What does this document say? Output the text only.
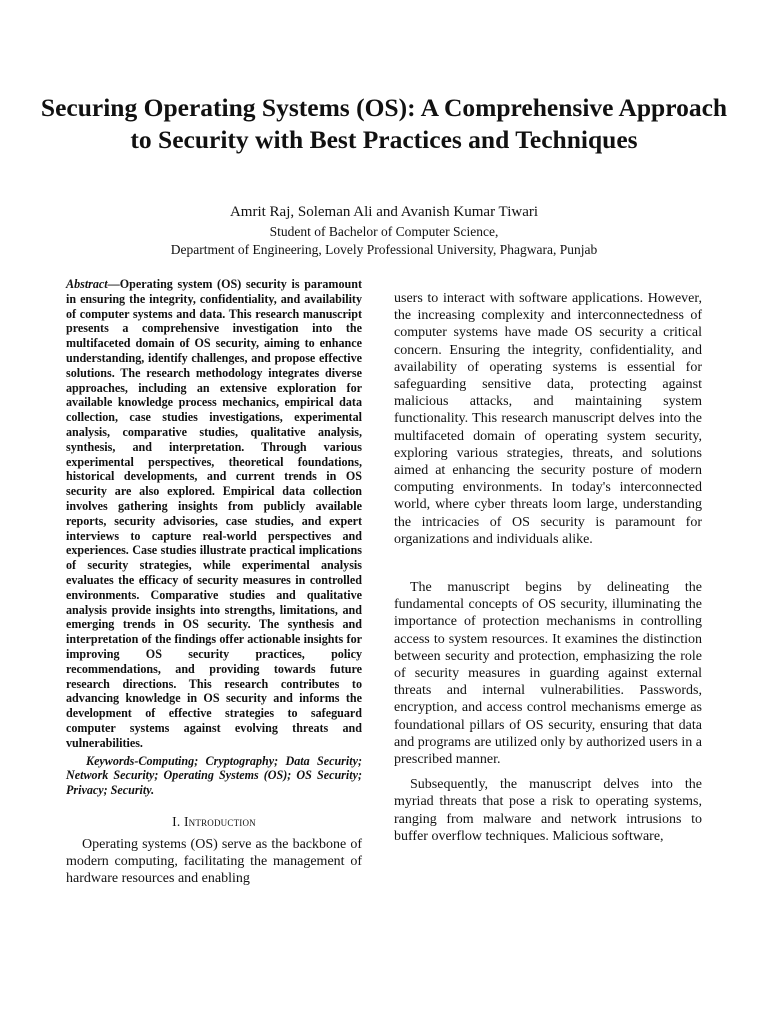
Securing Operating Systems (OS): A Comprehensive Approach to Security with Best Practices and Techniques
Amrit Raj, Soleman Ali and Avanish Kumar Tiwari
Student of Bachelor of Computer Science,
Department of Engineering, Lovely Professional University, Phagwara, Punjab

Abstract—Operating system (OS) security is paramount in ensuring the integrity, confidentiality, and availability of computer systems and data. This research manuscript presents a comprehensive investigation into the multifaceted domain of OS security, aiming to enhance understanding, identify challenges, and propose effective solutions. The research methodology integrates diverse approaches, including an extensive exploration for available knowledge process mechanics, empirical data collection, case studies investigations, experimental analysis, comparative studies, qualitative analysis, synthesis, and interpretation. Through various experimental perspectives, theoretical foundations, historical developments, and current trends in OS security are also explored. Empirical data collection involves gathering insights from publicly available reports, security advisories, case studies, and expert interviews to capture real-world perspectives and experiences. Case studies illustrate practical implications of security strategies, while experimental analysis evaluates the efficacy of security measures in controlled environments. Comparative studies and qualitative analysis provide insights into strengths, limitations, and emerging trends in OS security. The synthesis and interpretation of the findings offer actionable insights for improving OS security practices, policy recommendations, and providing towards future research directions. This research contributes to advancing knowledge in OS security and informs the development of effective strategies to safeguard computer systems against evolving threats and vulnerabilities.

Keywords-Computing; Cryptography; Data Security; Network Security; Operating Systems (OS); OS Security; Privacy; Security.

I. Introduction

Operating systems (OS) serve as the backbone of modern computing, facilitating the management of hardware resources and enabling

users to interact with software applications. However, the increasing complexity and interconnectedness of computer systems have made OS security a critical concern. Ensuring the integrity, confidentiality, and availability of operating systems is essential for safeguarding sensitive data, protecting against malicious attacks, and maintaining system functionality. This research manuscript delves into the multifaceted domain of operating system security, exploring various strategies, threats, and solutions aimed at enhancing the security posture of modern computing environments. In today's interconnected world, where cyber threats loom large, understanding the intricacies of OS security is paramount for organizations and individuals alike.

The manuscript begins by delineating the fundamental concepts of OS security, illuminating the importance of protection mechanisms in controlling access to system resources. It examines the distinction between security and protection, emphasizing the role of security measures in guarding against external threats and internal vulnerabilities. Passwords, encryption, and access control mechanisms emerge as foundational pillars of OS security, ensuring that data and programs are utilized only by authorized users in a prescribed manner.

Subsequently, the manuscript delves into the myriad threats that pose a risk to operating systems, ranging from malware and network intrusions to buffer overflow techniques. Malicious software,
